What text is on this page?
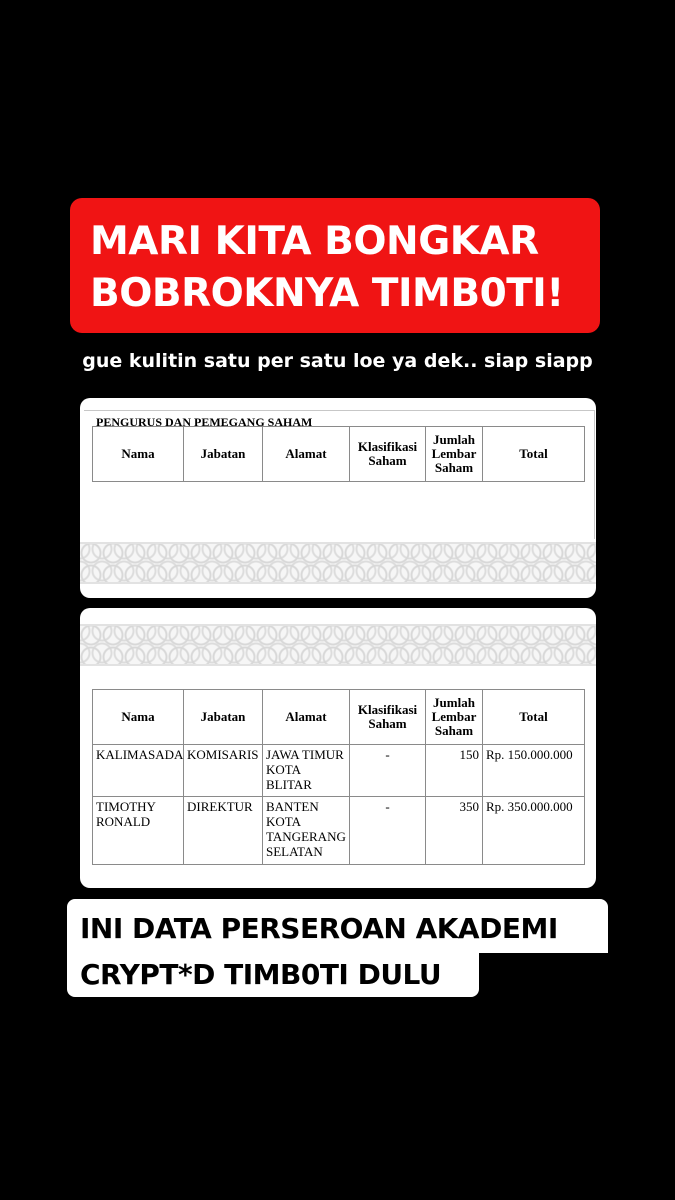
MARI KITA BONGKAR
BOBROKNYA TIMB0TI!
gue kulitin satu per satu loe ya dek.. siap siapp
PENGURUS DAN PEMEGANG SAHAM
Nama	Jabatan	Alamat	Klasifikasi Saham	Jumlah Lembar Saham	Total
Nama	Jabatan	Alamat	Klasifikasi Saham	Jumlah Lembar Saham	Total
KALIMASADA	KOMISARIS	JAWA TIMUR KOTA BLITAR	-	150	Rp. 150.000.000
TIMOTHY RONALD	DIREKTUR	BANTEN KOTA TANGERANG SELATAN	-	350	Rp. 350.000.000
INI DATA PERSEROAN AKADEMI
CRYPT*D TIMB0TI DULU
